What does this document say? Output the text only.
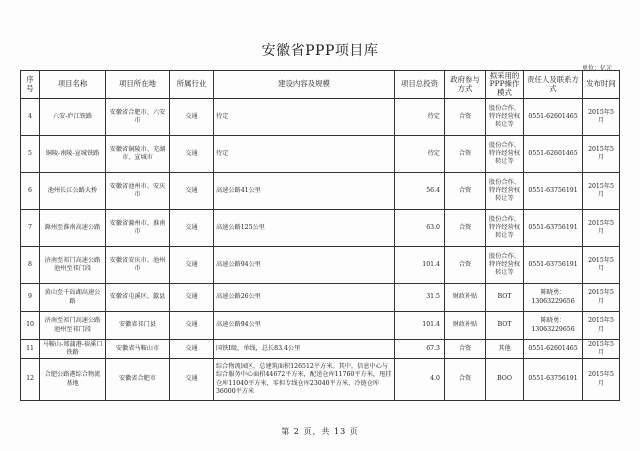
安徽省PPP项目库
单位：亿元
序号	项目名称	项目所在地	所属行业	建设内容及规模	项目总投资	政府参与方式	拟采用的PPP操作模式	责任人及联系方式	发布时间
4	六安-庐江铁路	安徽省合肥市、六安市	交通	待定	待定	合资	股份合作、特许经营权转让等	0551-62601465	2015年5月
5	铜陵-南陵-宣城铁路	安徽省铜陵市、芜湖市、宣城市	交通	待定	待定	合资	股份合作、特许经营权转让等	0551-62601465	2015年5月
6	池州长江公路大桥	安徽省池州市、安庆市	交通	高速公路41公里	56.4	合资	股份合作、特许经营权转让等	0551-63756191	2015年5月
7	滁州至淮南高速公路	安徽省滁州市、淮南市	交通	高速公路125公里	63.0	合资	股份合作、特许经营权转让等	0551-63756191	2015年5月
8	济南至祁门高速公路池州至祁门段	安徽省安庆市、池州市	交通	高速公路94公里	101.4	合资	股份合作、特许经营权转让等	0551-63756191	2015年5月
9	黄山至千岛湖高速公路	安徽省屯溪区、歙县	交通	高速公路26公里	31.5	财政补贴	BOT	陈晓勇：13063229656	2015年5月
10	济南至祁门高速公路池州至祁门段	安徽省祁门县	交通	高速公路94公里	101.4	财政补贴	BOT	陈晓勇：13063229656	2015年5月
11	马鞍山-郑蒲港-裕溪口铁路	安徽省马鞍山市	交通	国铁Ⅰ级，单线，总长83.4公里	67.3	合资	其他	0551-62601465	2015年5月
12	合肥公路港综合物流基地	安徽省合肥市	交通	综合物流园区，总建筑面积126512平方米。其中，信息中心与综合服务中心面积44672平方米，配送仓库11760平方米，甩挂仓库11040平方米，零担专线仓库23040平方米，冷链仓库36000平方米	4.0	合资	BOO	0551-63756191	2015年5月
第 2 页，共 13 页
